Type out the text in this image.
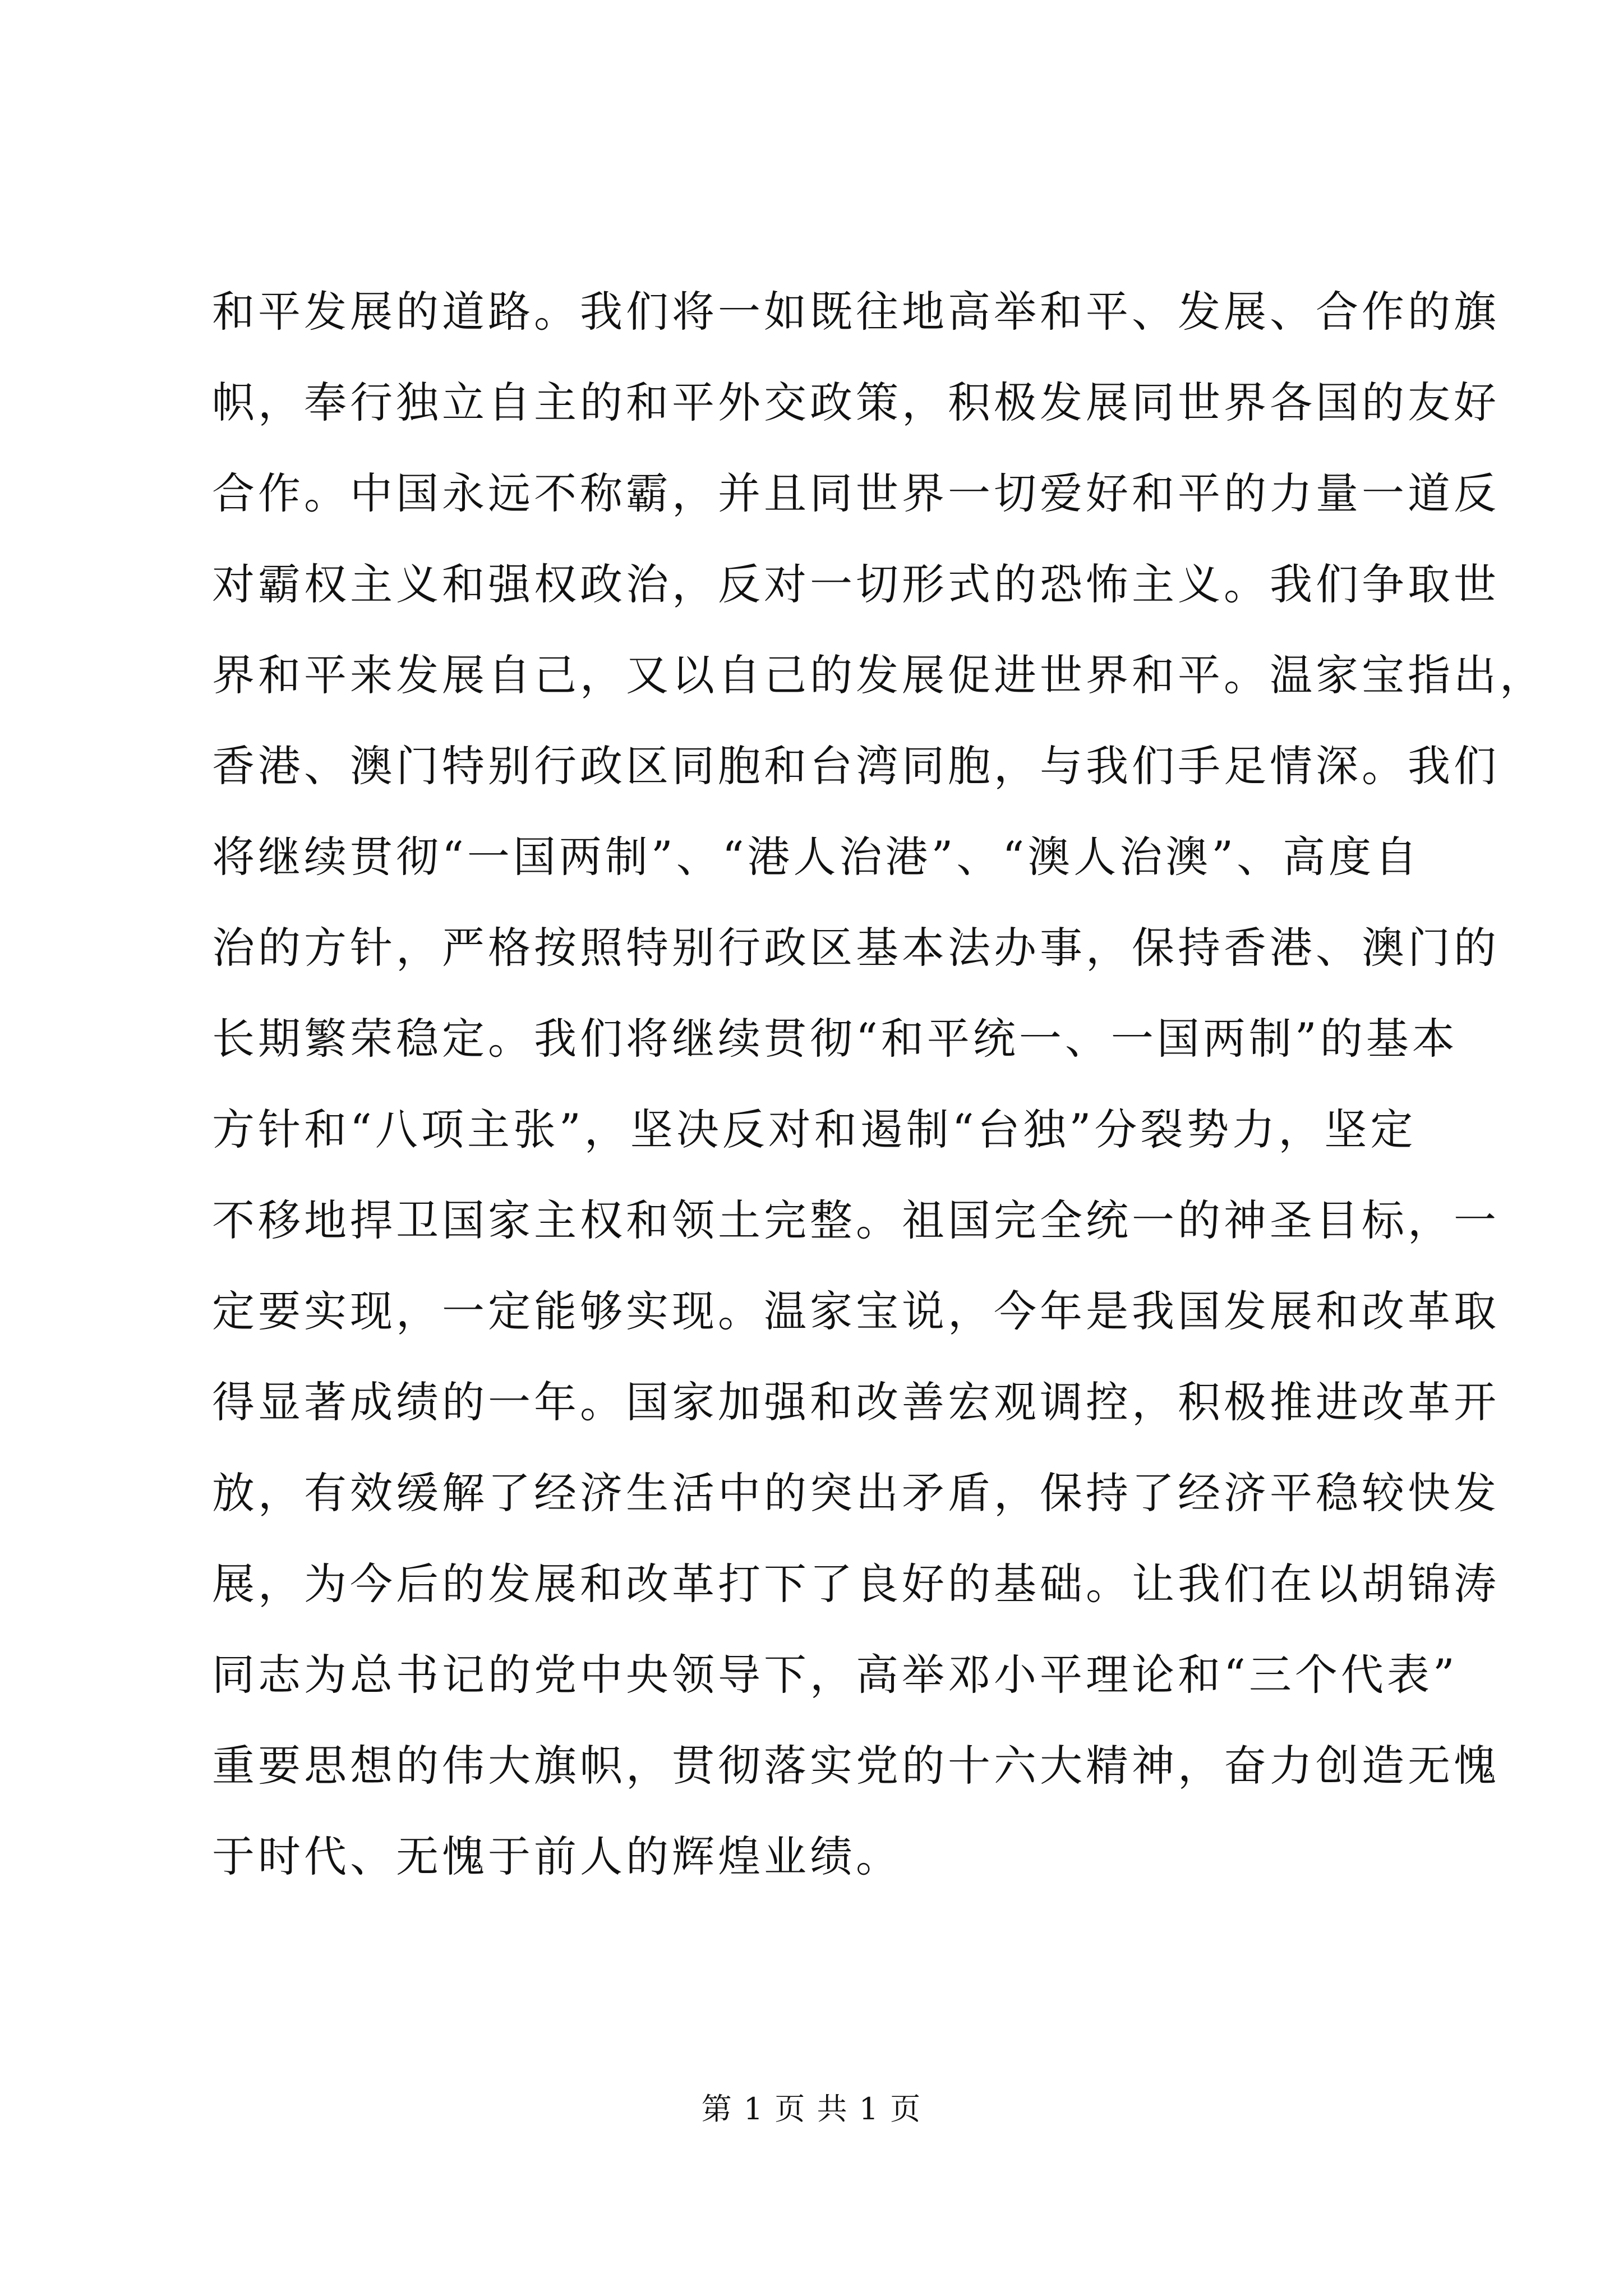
和平发展的道路。我们将一如既往地高举和平、发展、合作的旗
帜，奉行独立自主的和平外交政策，积极发展同世界各国的友好
合作。中国永远不称霸，并且同世界一切爱好和平的力量一道反
对霸权主义和强权政治，反对一切形式的恐怖主义。我们争取世
界和平来发展自己，又以自己的发展促进世界和平。温家宝指出，
香港、澳门特别行政区同胞和台湾同胞，与我们手足情深。我们
将继续贯彻“一国两制”、“港人治港”、“澳人治澳”、高度自
治的方针，严格按照特别行政区基本法办事，保持香港、澳门的
长期繁荣稳定。我们将继续贯彻“和平统一、一国两制”的基本
方针和“八项主张”，坚决反对和遏制“台独”分裂势力，坚定
不移地捍卫国家主权和领土完整。祖国完全统一的神圣目标，一
定要实现，一定能够实现。温家宝说，今年是我国发展和改革取
得显著成绩的一年。国家加强和改善宏观调控，积极推进改革开
放，有效缓解了经济生活中的突出矛盾，保持了经济平稳较快发
展，为今后的发展和改革打下了良好的基础。让我们在以胡锦涛
同志为总书记的党中央领导下，高举邓小平理论和“三个代表”
重要思想的伟大旗帜，贯彻落实党的十六大精神，奋力创造无愧
于时代、无愧于前人的辉煌业绩。
第 1 页 共 1 页
